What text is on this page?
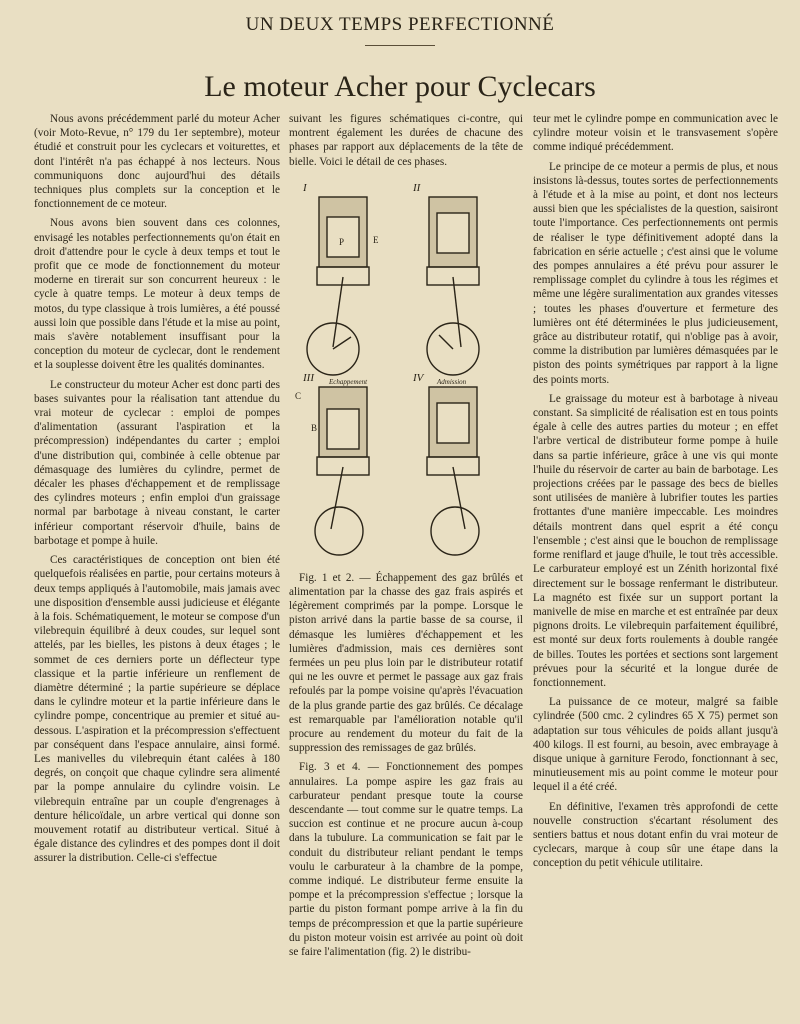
UN DEUX TEMPS PERFECTIONNÉ
Le moteur Acher pour Cyclecars

Nous avons précédemment parlé du moteur Acher (voir Moto-Revue, n° 179 du 1er septembre), moteur étudié et construit pour les cyclecars et voiturettes, et dont l'intérêt n'a pas échappé à nos lecteurs. Nous communiquons donc aujourd'hui des détails techniques plus complets sur la conception et le fonctionnement de ce moteur.

Nous avons bien souvent dans ces colonnes, envisagé les notables perfectionnements qu'on était en droit d'attendre pour le cycle à deux temps et tout le profit que ce mode de fonctionnement du moteur moderne en tirerait sur son concurrent heureux : le cycle à quatre temps. Le moteur à deux temps de motos, du type classique à trois lumières, a été poussé aussi loin que possible dans l'étude et la mise au point, mais s'avère notablement insuffisant pour la conception du moteur de cyclecar, dont le rendement et la souplesse doivent être les qualités dominantes.

Le constructeur du moteur Acher est donc parti des bases suivantes pour la réalisation tant attendue du vrai moteur de cyclecar : emploi de pompes d'alimentation (assurant l'aspiration et la précompression) indépendantes du carter ; emploi d'une distribution qui, combinée à celle obtenue par démasquage des lumières du cylindre, permet de décaler les phases d'échappement et de remplissage des cylindres moteurs ; enfin emploi d'un graissage normal par barbotage à niveau constant, le carter inférieur comportant réservoir d'huile, bains de barbotage et pompe à huile.

Ces caractéristiques de conception ont bien été quelquefois réalisées en partie, pour certains moteurs à deux temps appliqués à l'automobile, mais jamais avec une disposition d'ensemble aussi judicieuse et élégante à la fois. Schématiquement, le moteur se compose d'un vilebrequin équilibré à deux coudes, sur lequel sont attelés, par les bielles, les pistons à deux étages ; le sommet de ces derniers porte un déflecteur type classique et la partie inférieure un renflement de diamètre déterminé ; la partie supérieure se déplace dans le cylindre moteur et la partie inférieure dans le cylindre pompe, concentrique au premier et situé au-dessous. L'aspiration et la précompression s'effectuent par conséquent dans l'espace annulaire, ainsi formé. Les manivelles du vilebrequin étant calées à 180 degrés, on conçoit que chaque cylindre sera alimenté par la pompe annulaire du cylindre voisin. Le vilebrequin entraîne par un couple d'engrenages à denture hélicoïdale, un arbre vertical qui donne son mouvement rotatif au distributeur vertical. Situé à égale distance des cylindres et des pompes dont il doit assurer la distribution. Celle-ci s'effectue

suivant les figures schématiques ci-contre, qui montrent également les durées de chacune des phases par rapport aux déplacements de la tête de bielle. Voici le détail de ces phases.

I	II
III	IV
E
P
C
B
Echappement	Admission

Fig. 1 et 2. — Échappement des gaz brûlés et alimentation par la chasse des gaz frais aspirés et légèrement comprimés par la pompe. Lorsque le piston arrivé dans la partie basse de sa course, il démasque les lumières d'échappement et les lumières d'admission, mais ces dernières sont fermées un peu plus loin par le distributeur rotatif qui ne les ouvre et permet le passage aux gaz frais refoulés par la pompe voisine qu'après l'évacuation de la plus grande partie des gaz brûlés. Ce décalage est remarquable par l'amélioration notable qu'il procure au rendement du moteur du fait de la suppression des remissages de gaz brûlés.

Fig. 3 et 4. — Fonctionnement des pompes annulaires. La pompe aspire les gaz frais au carburateur pendant presque toute la course descendante — tout comme sur le quatre temps. La succion est continue et ne procure aucun à-coup dans la tubulure. La communication se fait par le conduit du distributeur reliant pendant le temps voulu le carburateur à la chambre de la pompe, comme indiqué. Le distributeur ferme ensuite la pompe et la précompression s'effectue ; lorsque la partie du piston formant pompe arrive à la fin du temps de précompression et que la partie supérieure du piston moteur voisin est arrivée au point où doit se faire l'alimentation (fig. 2) le distribu-

teur met le cylindre pompe en communication avec le cylindre moteur voisin et le transvasement s'opère comme indiqué précédemment.

Le principe de ce moteur a permis de plus, et nous insistons là-dessus, toutes sortes de perfectionnements à l'étude et à la mise au point, et dont nos lecteurs aussi bien que les spécialistes de la question, saisiront toute l'importance. Ces perfectionnements ont permis de réaliser le type définitivement adopté dans la fabrication en série actuelle ; c'est ainsi que le volume des pompes annulaires a été prévu pour assurer le remplissage complet du cylindre à tous les régimes et même une légère suralimentation aux grandes vitesses ; toutes les phases d'ouverture et fermeture des lumières ont été déterminées le plus judicieusement, grâce au distributeur rotatif, qui n'oblige pas à avoir, comme la distribution par lumières démasquées par le piston des points symétriques par rapport à la ligne des points morts.

Le graissage du moteur est à barbotage à niveau constant. Sa simplicité de réalisation est en tous points égale à celle des autres parties du moteur ; en effet l'arbre vertical de distributeur forme pompe à huile dans sa partie inférieure, grâce à une vis qui monte l'huile du réservoir de carter au bain de barbotage. Les projections créées par le passage des becs de bielles sont utilisées de manière à lubrifier toutes les parties frottantes d'une manière impeccable. Les moindres détails montrent dans quel esprit a été conçu l'ensemble ; c'est ainsi que le bouchon de remplissage forme reniflard et jauge d'huile, le tout très accessible. Le carburateur employé est un Zénith horizontal fixé directement sur le bossage renfermant le distributeur. La magnéto est fixée sur un support portant la manivelle de mise en marche et est entraînée par deux pignons droits. Le vilebrequin parfaitement équilibré, est monté sur deux forts roulements à double rangée de billes. Toutes les portées et sections sont largement prévues pour la sécurité et la longue durée de fonctionnement.

La puissance de ce moteur, malgré sa faible cylindrée (500 cmc. 2 cylindres 65 X 75) permet son adaptation sur tous véhicules de poids allant jusqu'à 400 kilogs. Il est fourni, au besoin, avec embrayage à disque unique à garniture Ferodo, fonctionnant à sec, minutieusement mis au point comme le moteur pour lequel il a été créé.

En définitive, l'examen très approfondi de cette nouvelle construction s'écartant résolument des sentiers battus et nous dotant enfin du vrai moteur de cyclecars, marque à coup sûr une étape dans la conception du petit véhicule utilitaire.
